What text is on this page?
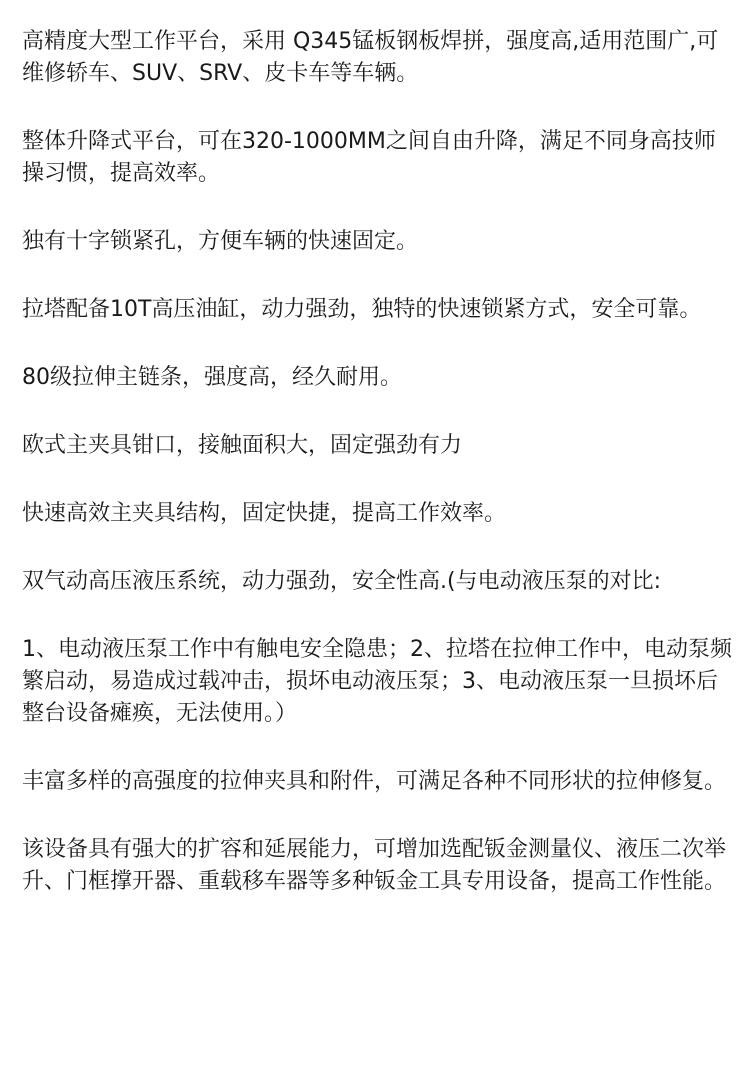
高精度大型工作平台，采用 Q345锰板钢板焊拼，强度高,适用范围广,可维修轿车、SUV、SRV、皮卡车等车辆。

整体升降式平台，可在320-1000MM之间自由升降，满足不同身高技师操习惯，提高效率。

独有十字锁紧孔，方便车辆的快速固定。

拉塔配备10T高压油缸，动力强劲，独特的快速锁紧方式，安全可靠。

80级拉伸主链条，强度高，经久耐用。

欧式主夹具钳口，接触面积大，固定强劲有力

快速高效主夹具结构，固定快捷，提高工作效率。

双气动高压液压系统，动力强劲，安全性高.(与电动液压泵的对比:

1、电动液压泵工作中有触电安全隐患；2、拉塔在拉伸工作中，电动泵频繁启动，易造成过载冲击，损坏电动液压泵；3、电动液压泵一旦损坏后
整台设备瘫痪，无法使用。）

丰富多样的高强度的拉伸夹具和附件，可满足各种不同形状的拉伸修复。

该设备具有强大的扩容和延展能力，可增加选配钣金测量仪、液压二次举升、门框撑开器、重载移车器等多种钣金工具专用设备，提高工作性能。
